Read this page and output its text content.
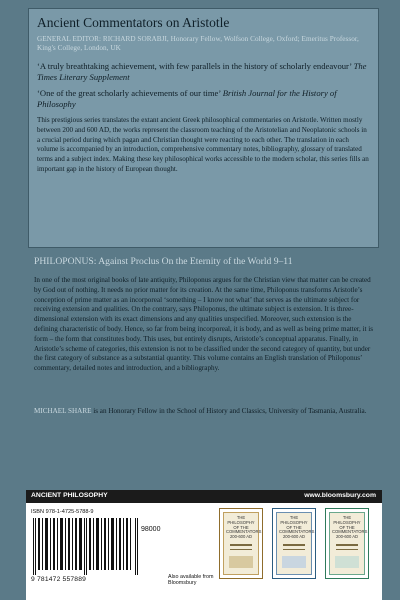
Ancient Commentators on Aristotle
GENERAL EDITOR: RICHARD SORABJI, Honorary Fellow, Wolfson College, Oxford; Emeritus Professor, King's College, London, UK
‘A truly breathtaking achievement, with few parallels in the history of scholarly endeavour’ The Times Literary Supplement
‘One of the great scholarly achievements of our time’ British Journal for the History of Philosophy
This prestigious series translates the extant ancient Greek philosophical commentaries on Aristotle. Written mostly between 200 and 600 AD, the works represent the classroom teaching of the Aristotelian and Neoplatonic schools in a crucial period during which pagan and Christian thought were reacting to each other. The translation in each volume is accompanied by an introduction, comprehensive commentary notes, bibliography, glossary of translated terms and a subject index. Making these key philosophical works accessible to the modern scholar, this series fills an important gap in the history of European thought.
PHILOPONUS: Against Proclus On the Eternity of the World 9–11
In one of the most original books of late antiquity, Philoponus argues for the Christian view that matter can be created by God out of nothing. It needs no prior matter for its creation. At the same time, Philoponus transforms Aristotle’s conception of prime matter as an incorporeal ‘something – I know not what’ that serves as the ultimate subject for receiving extension and qualities. On the contrary, says Philoponus, the ultimate subject is extension. It is three-dimensional extension with its exact dimensions and any qualities unspecified. Moreover, such extension is the defining characteristic of body. Hence, so far from being incorporeal, it is body, and as well as being prime matter, it is form – the form that constitutes body. This uses, but entirely disrupts, Aristotle’s conceptual apparatus. Finally, in Aristotle’s scheme of categories, this extension is not to be classified under the second category of quantity, but under the first category of substance as a substantial quantity. This volume contains an English translation of Philoponus’ commentary, detailed notes and introduction, and a bibliography.
MICHAEL SHARE is an Honorary Fellow in the School of History and Classics, University of Tasmania, Australia.
ANCIENT PHILOSOPHY	www.bloomsbury.com
ISBN 978-1-4725-5788-9
98000
9 781472 557889	Also available from Bloomsbury
THE PHILOSOPHY OF THE COMMENTATORS 200-600 AD
THE PHILOSOPHY OF THE COMMENTATORS 200-600 AD
THE PHILOSOPHY OF THE COMMENTATORS 200-600 AD
